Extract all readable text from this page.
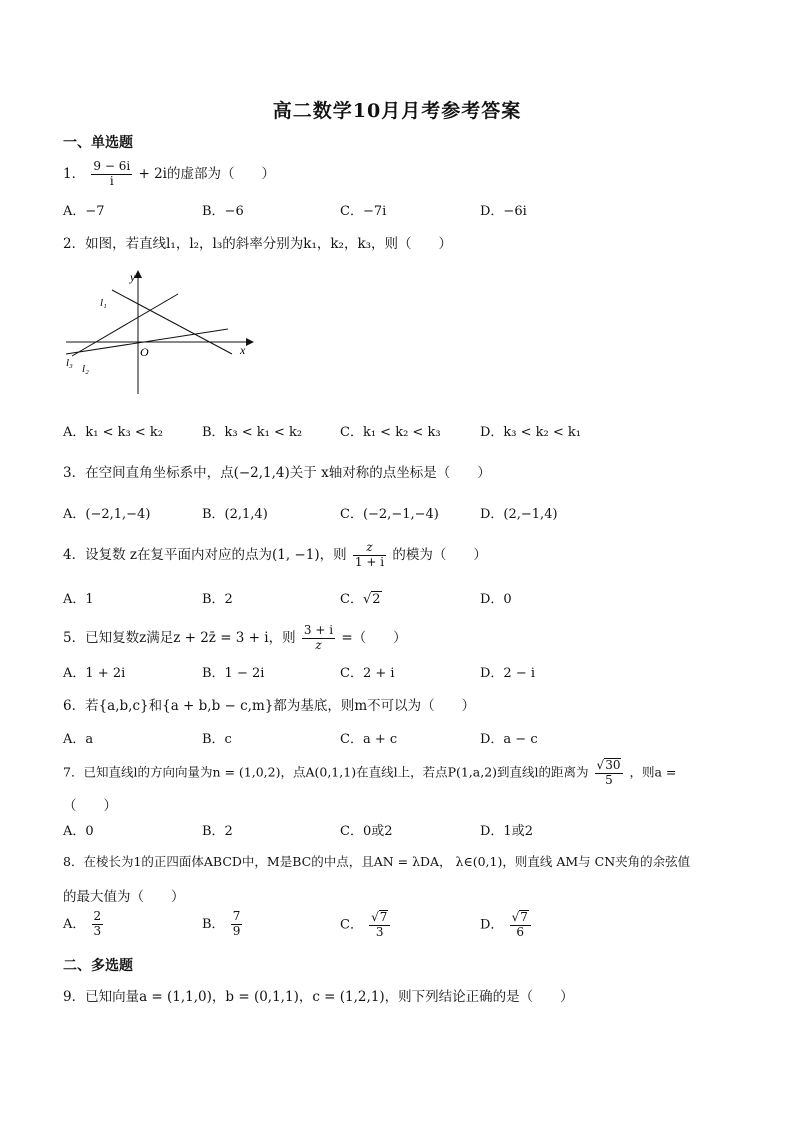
高二数学10月月考参考答案
一、单选题
1． $\frac{9 - 6i}{i} + 2i$的虚部为（　　）
A．−7	B．−6	C．−7i	D．−6i
2．如图，若直线l₁，l₂，l₃的斜率分别为k₁，k₂，k₃，则（　　）
y
x
O
l₁
l₃ l₂
A．k₁ < k₃ < k₂	B．k₃ < k₁ < k₂	C．k₁ < k₂ < k₃	D．k₃ < k₂ < k₁
3．在空间直角坐标系中，点(−2,1,4)关于 x轴对称的点坐标是（　　）
A．(−2,1,−4)	B．(2,1,4)	C．(−2,−1,−4)	D．(2,−1,4)
4．设复数 z在复平面内对应的点为(1, −1)，则 $\frac{z}{1 + i}$ 的模为（　　）
A．1	B．2	C．√2	D．0
5．已知复数z满足z + 2z̄ = 3 + i，则 $\frac{3 + i}{z}$ =（　　）
A．1 + 2i	B．1 − 2i	C．2 + i	D．2 − i
6．若{a,b,c}和{a + b,b − c,m}都为基底，则m不可以为（　　）
A．a	B．c	C．a + c	D．a − c
7．已知直线l的方向向量为n = (1,0,2)，点A(0,1,1)在直线l上，若点P(1,a,2)到直线l的距离为 $\frac{√30}{5}$ ，则a =
（　　）
A．0	B．2	C．0或2	D．1或2
8．在棱长为1的正四面体ABCD中，M是BC的中点，且AN = λDA， λ∈(0,1)，则直线 AM与 CN夹角的余弦值
的最大值为（　　）
A． $\frac{2}{3}$	B． $\frac{7}{9}$	C． $\frac{√7}{3}$	D． $\frac{√7}{6}$
二、多选题
9．已知向量a = (1,1,0)，b = (0,1,1)，c = (1,2,1)，则下列结论正确的是（　　）
